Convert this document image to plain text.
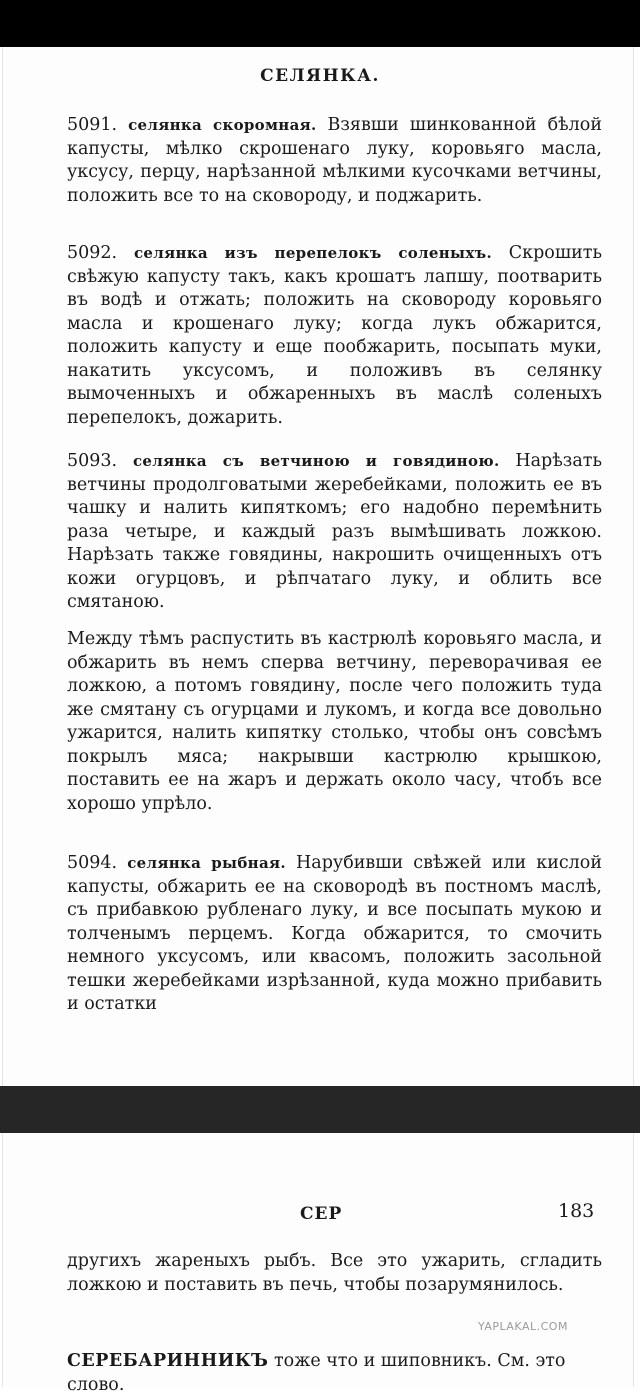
СЕЛЯНКА.
5091. селянка скоромная. Взявши шинкованной бѣлой капусты, мѣлко скрошенаго луку, коровьяго масла, уксусу, перцу, нарѣзанной мѣлкими кусочками ветчины, положить все то на сковороду, и поджарить.
5092. селянка изъ перепелокъ соленыхъ. Скрошить свѣжую капусту такъ, какъ крошатъ лапшу, поотварить въ водѣ и отжать; положить на сковороду коровьяго масла и крошенаго луку; когда лукъ обжарится, положить капусту и еще пообжарить, посыпать муки, накатить уксусомъ, и положивъ въ селянку вымоченныхъ и обжаренныхъ въ маслѣ соленыхъ перепелокъ, дожарить.
5093. селянка съ ветчиною и говядиною. Нарѣзать ветчины продолговатыми жеребейками, положить ее въ чашку и налить кипяткомъ; его надобно перемѣнить раза четыре, и каждый разъ вымѣшивать ложкою. Нарѣзать также говядины, накрошить очищенныхъ отъ кожи огурцовъ, и рѣпчатаго луку, и облить все смятаною.
Между тѣмъ распустить въ кастрюлѣ коровьяго масла, и обжарить въ немъ сперва ветчину, переворачивая ее ложкою, а потомъ говядину, после чего положить туда же смятану съ огурцами и лукомъ, и когда все довольно ужарится, налить кипятку столько, чтобы онъ совсѣмъ покрылъ мяса; накрывши кастрюлю крышкою, поставить ее на жаръ и держать около часу, чтобъ все хорошо упрѣло.
5094. селянка рыбная. Нарубивши свѣжей или кислой капусты, обжарить ее на сковородѣ въ постномъ маслѣ, съ прибавкою рубленаго луку, и все посыпать мукою и толченымъ перцемъ. Когда обжарится, то смочить немного уксусомъ, или квасомъ, положить засольной тешки жеребейками изрѣзанной, куда можно прибавить и остатки
СЕР	183
другихъ жареныхъ рыбъ. Все это ужарить, сгладить ложкою и поставить въ печь, чтобы позарумянилось.
YAPLAKAL.COM
СЕРЕБАРИННИКЪ тоже что и шиповникъ. См. это слово.
